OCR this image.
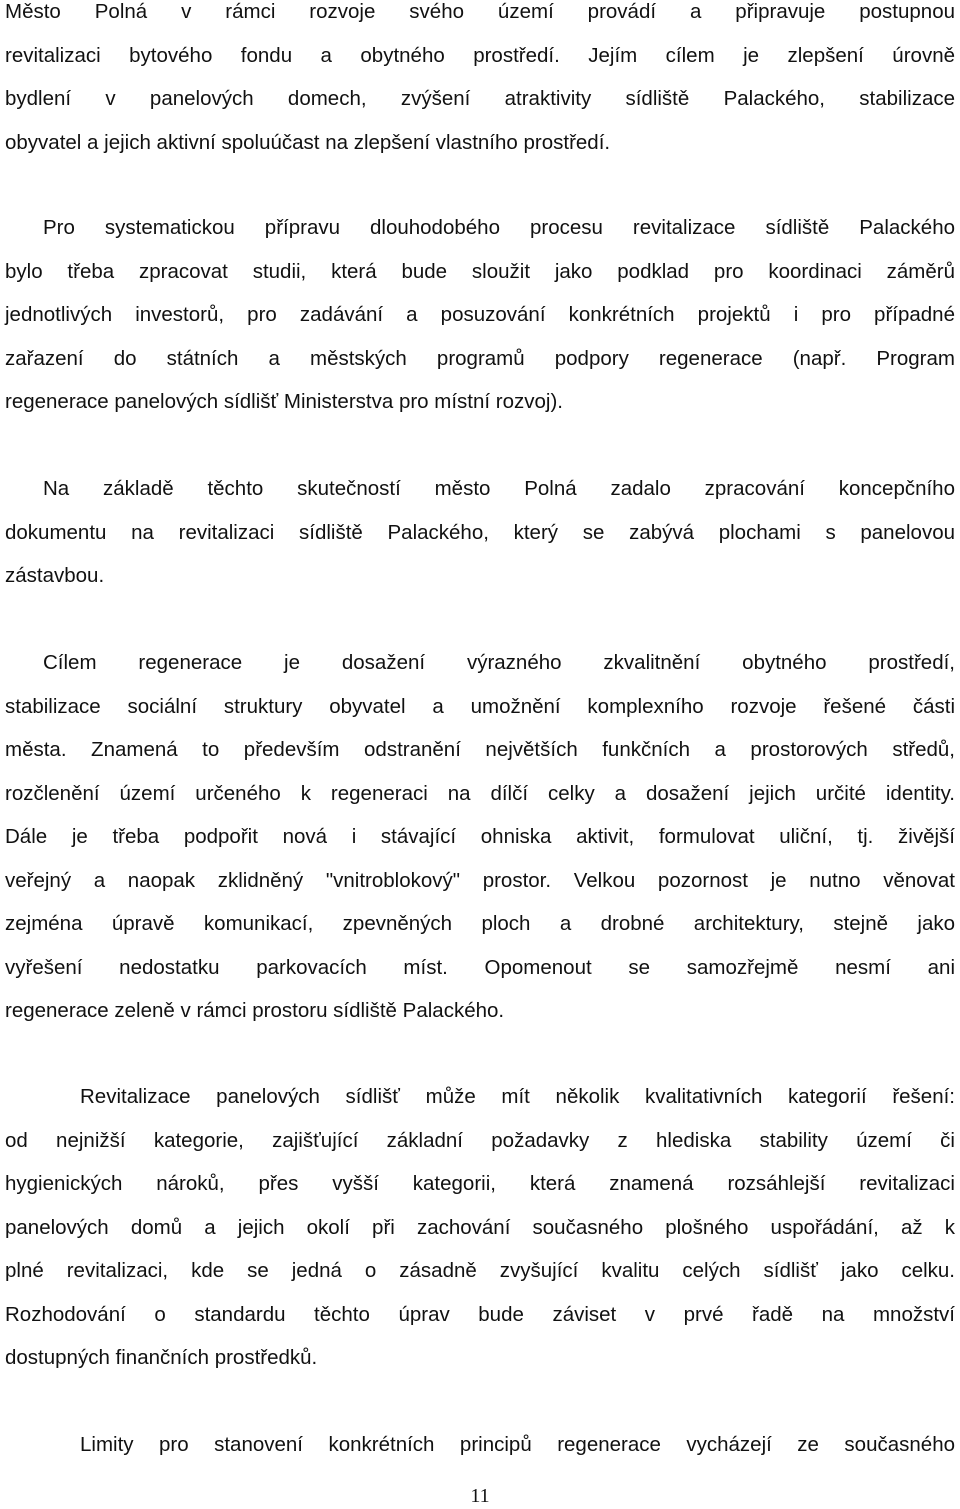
Město Polná v rámci rozvoje svého území provádí a připravuje postupnou
revitalizaci bytového fondu a obytného prostředí. Jejím cílem je zlepšení úrovně
bydlení v panelových domech, zvýšení atraktivity sídliště Palackého, stabilizace
obyvatel a jejich aktivní spoluúčast na zlepšení vlastního prostředí.
Pro systematickou přípravu dlouhodobého procesu revitalizace sídliště Palackého
bylo třeba zpracovat studii, která bude sloužit jako podklad pro koordinaci záměrů
jednotlivých investorů, pro zadávání a posuzování konkrétních projektů i pro případné
zařazení do státních a městských programů podpory regenerace (např. Program
regenerace panelových sídlišť Ministerstva pro místní rozvoj).
Na základě těchto skutečností město Polná zadalo zpracování koncepčního
dokumentu na revitalizaci sídliště Palackého, který se zabývá plochami s panelovou
zástavbou.
Cílem regenerace je dosažení výrazného zkvalitnění obytného prostředí,
stabilizace sociální struktury obyvatel a umožnění komplexního rozvoje řešené části
města. Znamená to především odstranění největších funkčních a prostorových středů,
rozčlenění území určeného k regeneraci na dílčí celky a dosažení jejich určité identity.
Dále je třeba podpořit nová i stávající ohniska aktivit, formulovat uliční, tj. živější
veřejný a naopak zklidněný "vnitroblokový" prostor. Velkou pozornost je nutno věnovat
zejména úpravě komunikací, zpevněných ploch a drobné architektury, stejně jako
vyřešení nedostatku parkovacích míst. Opomenout se samozřejmě nesmí ani
regenerace zeleně v rámci prostoru sídliště Palackého.
Revitalizace panelových sídlišť může mít několik kvalitativních kategorií řešení:
od nejnižší kategorie, zajišťující základní požadavky z hlediska stability území či
hygienických nároků, přes vyšší kategorii, která znamená rozsáhlejší revitalizaci
panelových domů a jejich okolí při zachování současného plošného uspořádání, až k
plné revitalizaci, kde se jedná o zásadně zvyšující kvalitu celých sídlišť jako celku.
Rozhodování o standardu těchto úprav bude záviset v prvé řadě na množství
dostupných finančních prostředků.
Limity pro stanovení konkrétních principů regenerace vycházejí ze současného
11
